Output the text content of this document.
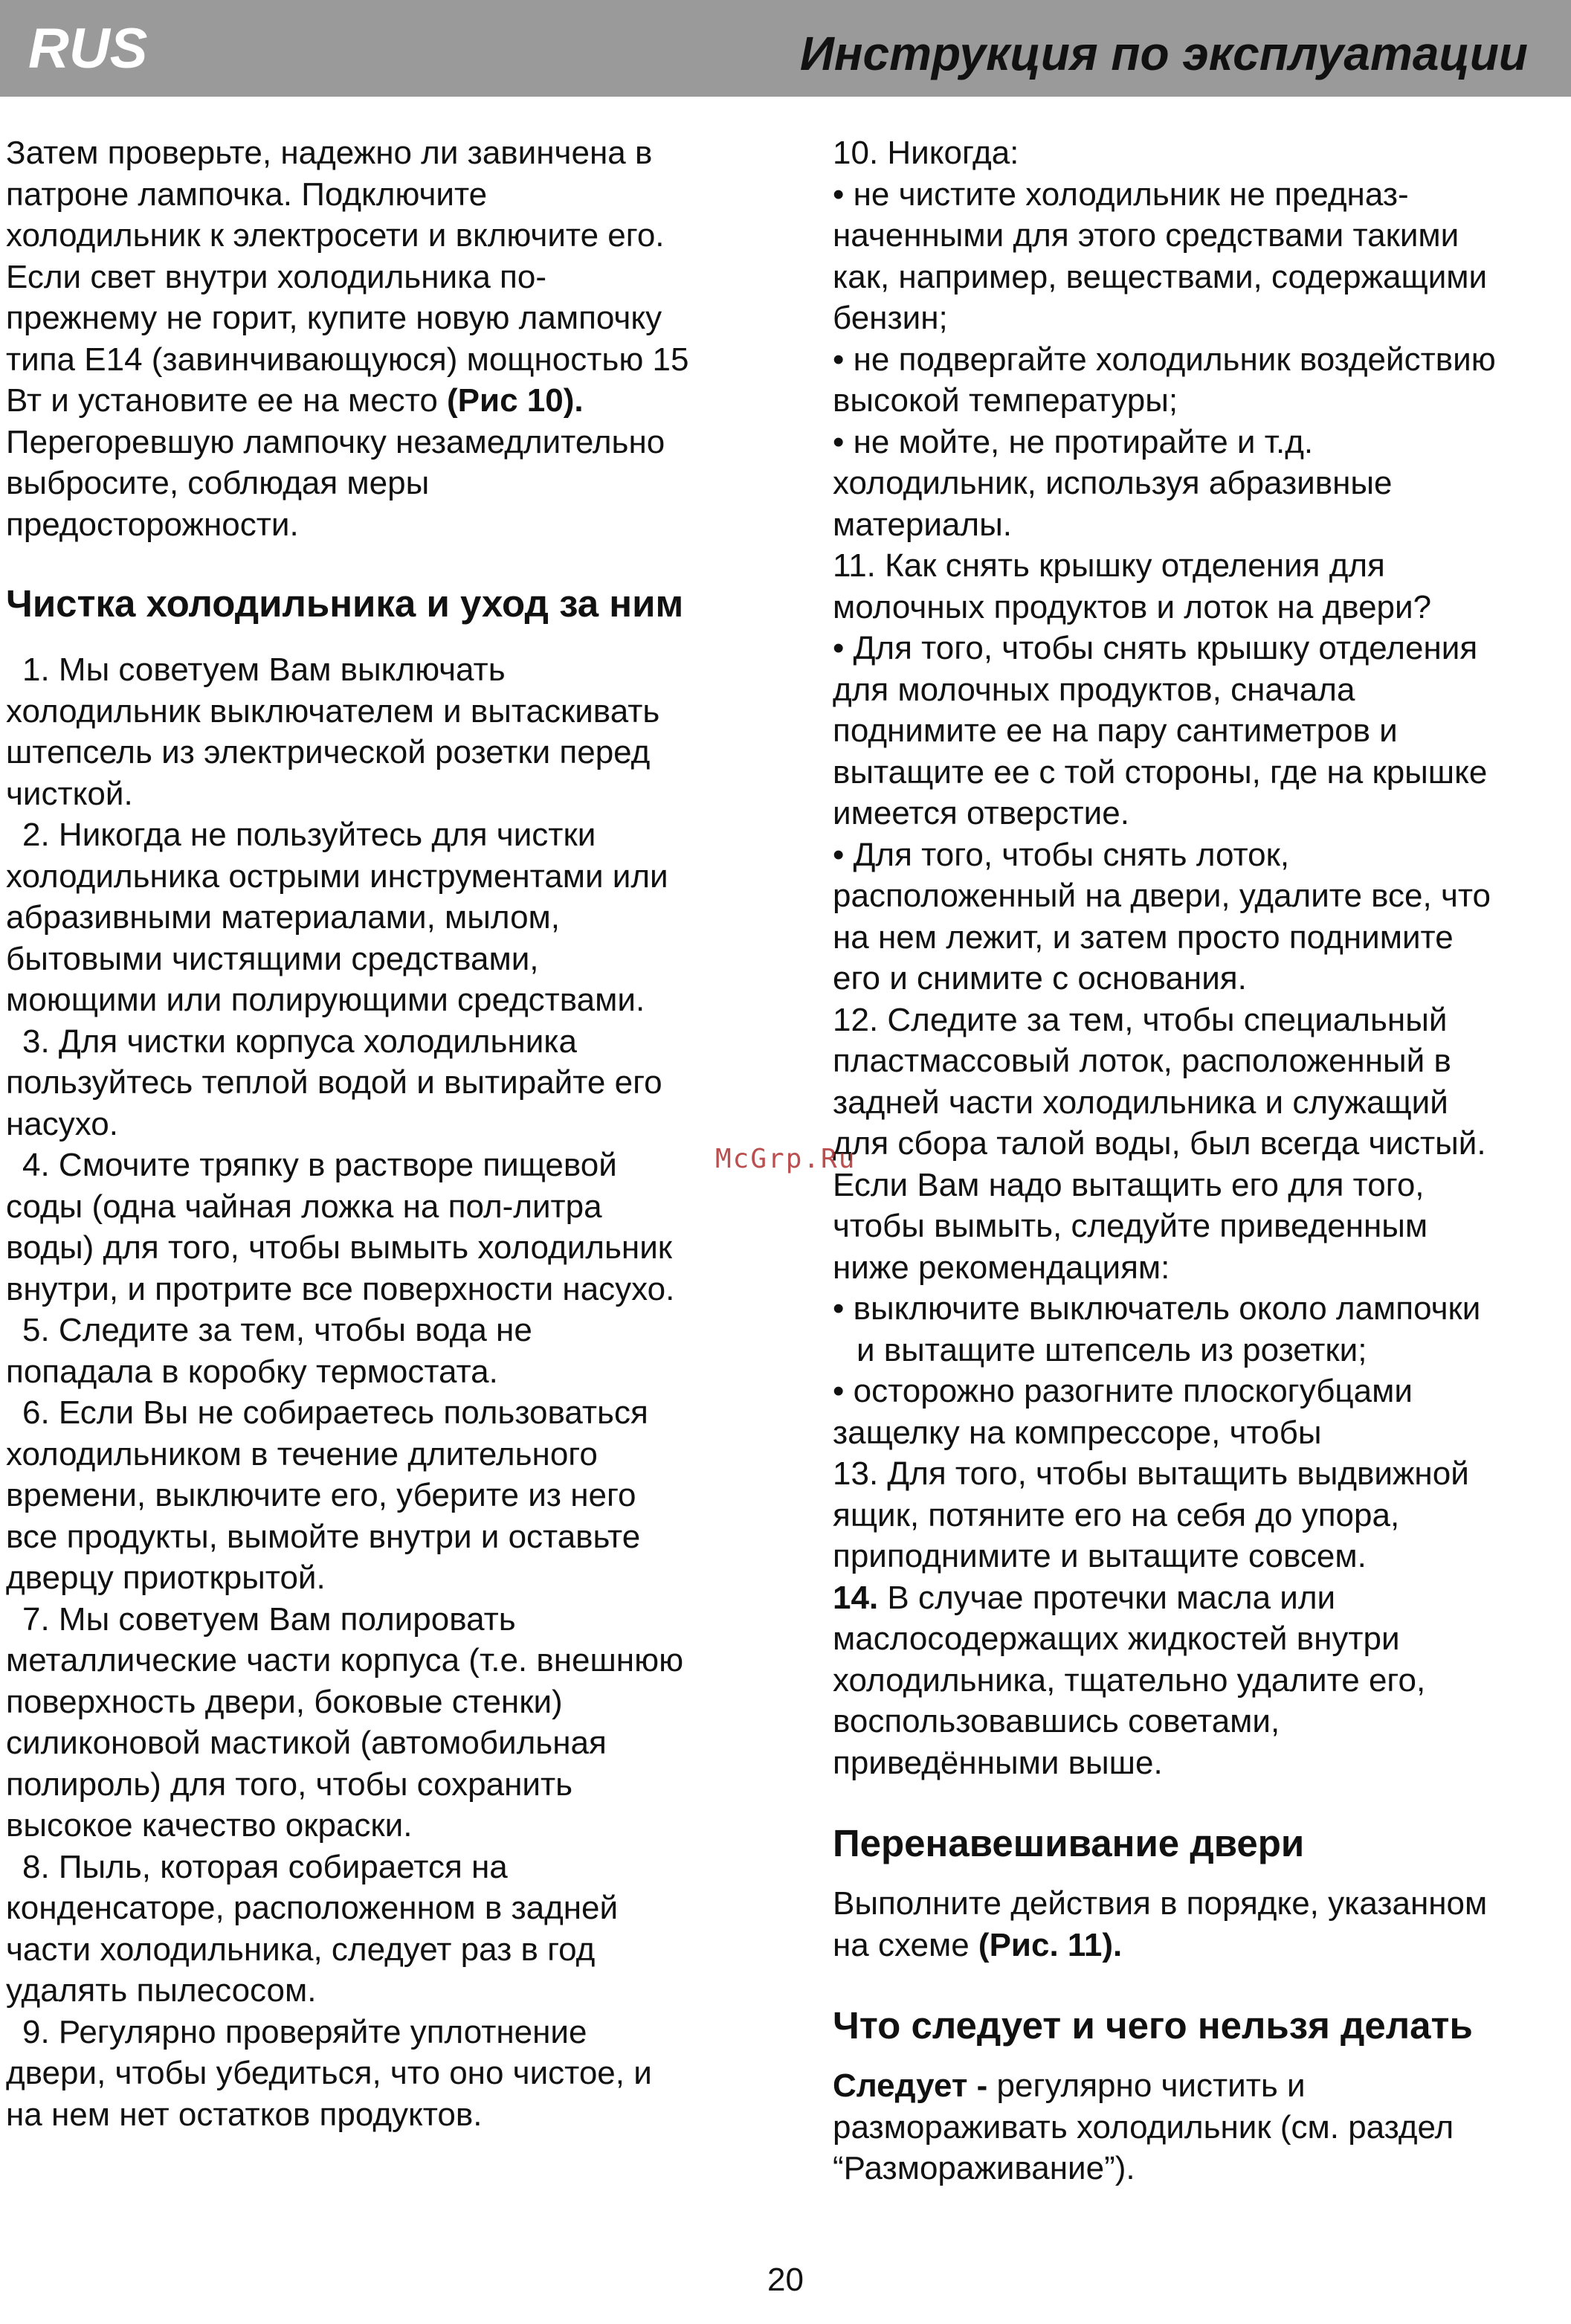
RUS	Инструкция по эксплуатации

Затем проверьте, надежно ли завинчена в
патроне лампочка. Подключите
холодильник к электросети и включите его.
Если свет внутри холодильника по-
прежнему не горит, купите новую лампочку
типа E14 (завинчивающуюся) мощностью 15
Вт и установите ее на место (Рис 10).
Перегоревшую лампочку незамедлительно
выбросите, соблюдая меры
предосторожности.

Чистка холодильника и уход за ним

1. Мы советуем Вам выключать
холодильник выключателем и вытаскивать
штепсель из электрической розетки перед
чисткой.

2. Никогда не пользуйтесь для чистки
холодильника острыми инструментами или
абразивными материалами, мылом,
бытовыми чистящими средствами,
моющими или полирующими средствами.

3. Для чистки корпуса холодильника
пользуйтесь теплой водой и вытирайте его
насухо.

4. Смочите тряпку в растворе пищевой
соды (одна чайная ложка на пол-литра
воды) для того, чтобы вымыть холодильник
внутри, и протрите все поверхности насухо.

5. Следите за тем, чтобы вода не
попадала в коробку термостата.

6. Если Вы не собираетесь пользоваться
холодильником в течение длительного
времени, выключите его, уберите из него
все продукты, вымойте внутри и оставьте
дверцу приоткрытой.

7. Мы советуем Вам полировать
металлические части корпуса (т.е. внешнюю
поверхность двери, боковые стенки)
силиконовой мастикой (автомобильная
полироль) для того, чтобы сохранить
высокое качество окраски.

8. Пыль, которая собирается на
конденсаторе, расположенном в задней
части холодильника, следует раз в год
удалять пылесосом.

9. Регулярно проверяйте уплотнение
двери, чтобы убедиться, что оно чистое, и
на нем нет остатков продуктов.

10. Никогда:

• не чистите холодильник не предназ-
наченными для этого средствами такими
как, например, веществами, содержащими
бензин;

• не подвергайте холодильник воздействию
высокой температуры;

• не мойте, не протирайте и т.д.
холодильник, используя абразивные
материалы.

11. Как снять крышку отделения для
молочных продуктов и лоток на двери?

• Для того, чтобы снять крышку отделения
для молочных продуктов, сначала
поднимите ее на пару сантиметров и
вытащите ее с той стороны, где на крышке
имеется отверстие.

• Для того, чтобы снять лоток,
расположенный на двери, удалите все, что
на нем лежит, и затем просто поднимите
его и снимите с основания.

12. Следите за тем, чтобы специальный
пластмассовый лоток, расположенный в
задней части холодильника и служащий
для сбора талой воды, был всегда чистый.
Если Вам надо вытащить его для того,
чтобы вымыть, следуйте приведенным
ниже рекомендациям:

• выключите выключатель около лампочки

и вытащите штепсель из розетки;

• осторожно разогните плоскогубцами
защелку на компрессоре, чтобы

13. Для того, чтобы вытащить выдвижной
ящик, потяните его на себя до упора,
приподнимите и вытащите совсем.

14. В случае протечки масла или
маслосодержащих жидкостей внутри
холодильника, тщательно удалите его,
воспользовавшись советами,
приведёнными выше.

Перенавешивание двери

Выполните действия в порядке, указанном
на схеме (Рис. 11).

Что следует и чего нельзя делать

Следует - регулярно чистить и
размораживать холодильник (см. раздел
“Размораживание”).

McGrp.Ru
20
